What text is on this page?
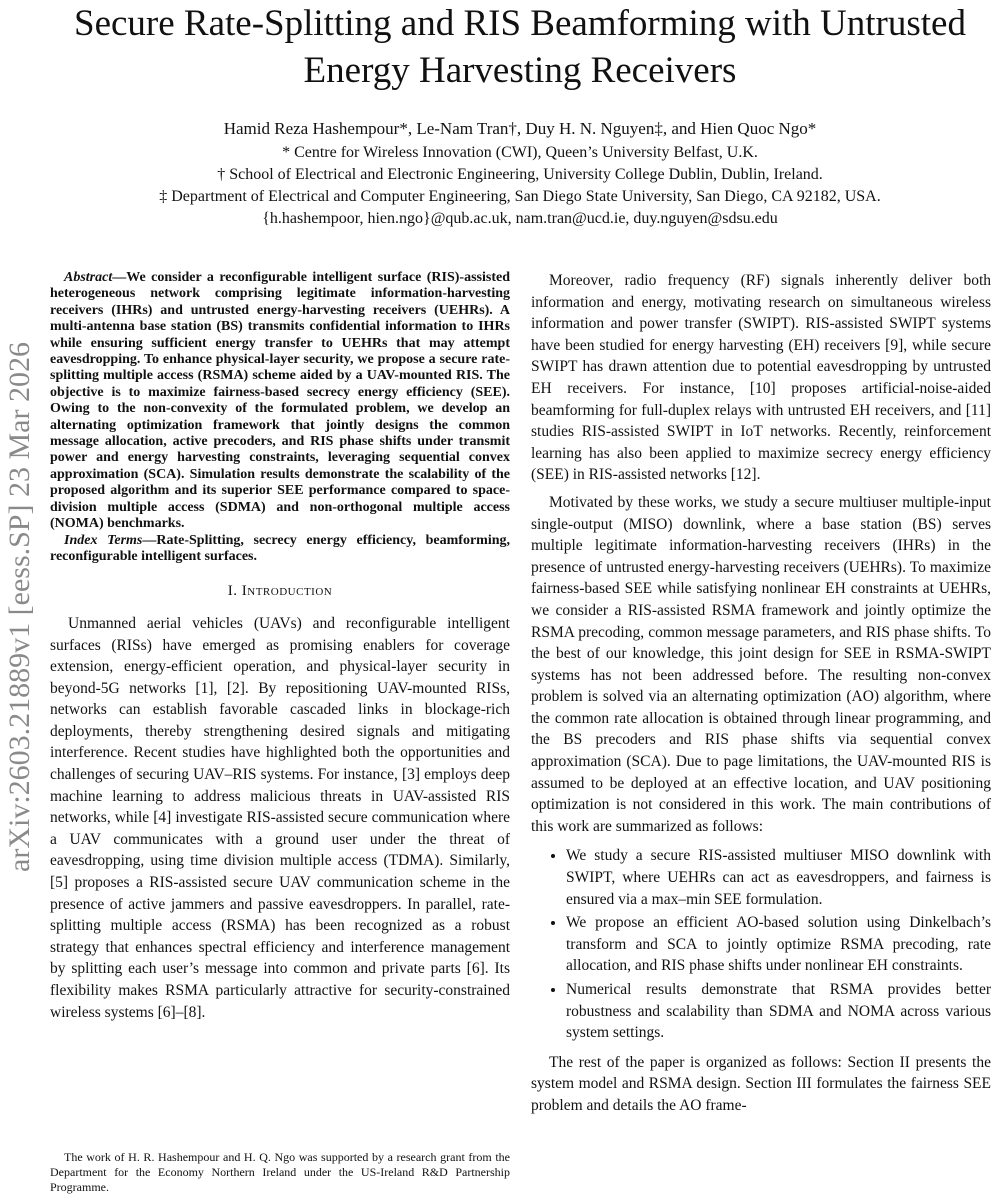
Secure Rate-Splitting and RIS Beamforming with Untrusted Energy Harvesting Receivers
Hamid Reza Hashempour*, Le-Nam Tran†, Duy H. N. Nguyen‡, and Hien Quoc Ngo*
* Centre for Wireless Innovation (CWI), Queen’s University Belfast, U.K.
† School of Electrical and Electronic Engineering, University College Dublin, Dublin, Ireland.
‡ Department of Electrical and Computer Engineering, San Diego State University, San Diego, CA 92182, USA.
{h.hashempoor, hien.ngo}@qub.ac.uk, nam.tran@ucd.ie, duy.nguyen@sdsu.edu
arXiv:2603.21889v1 [eess.SP] 23 Mar 2026

Abstract—We consider a reconfigurable intelligent surface (RIS)-assisted heterogeneous network comprising legitimate information-harvesting receivers (IHRs) and untrusted energy-harvesting receivers (UEHRs). A multi-antenna base station (BS) transmits confidential information to IHRs while ensuring sufficient energy transfer to UEHRs that may attempt eavesdropping. To enhance physical-layer security, we propose a secure rate-splitting multiple access (RSMA) scheme aided by a UAV-mounted RIS. The objective is to maximize fairness-based secrecy energy efficiency (SEE). Owing to the non-convexity of the formulated problem, we develop an alternating optimization framework that jointly designs the common message allocation, active precoders, and RIS phase shifts under transmit power and energy harvesting constraints, leveraging sequential convex approximation (SCA). Simulation results demonstrate the scalability of the proposed algorithm and its superior SEE performance compared to space-division multiple access (SDMA) and non-orthogonal multiple access (NOMA) benchmarks.

Index Terms—Rate-Splitting, secrecy energy efficiency, beamforming, reconfigurable intelligent surfaces.

I. Introduction

Unmanned aerial vehicles (UAVs) and reconfigurable intelligent surfaces (RISs) have emerged as promising enablers for coverage extension, energy-efficient operation, and physical-layer security in beyond-5G networks [1], [2]. By repositioning UAV-mounted RISs, networks can establish favorable cascaded links in blockage-rich deployments, thereby strengthening desired signals and mitigating interference. Recent studies have highlighted both the opportunities and challenges of securing UAV–RIS systems. For instance, [3] employs deep machine learning to address malicious threats in UAV-assisted RIS networks, while [4] investigate RIS-assisted secure communication where a UAV communicates with a ground user under the threat of eavesdropping, using time division multiple access (TDMA). Similarly, [5] proposes a RIS-assisted secure UAV communication scheme in the presence of active jammers and passive eavesdroppers. In parallel, rate-splitting multiple access (RSMA) has been recognized as a robust strategy that enhances spectral efficiency and interference management by splitting each user’s message into common and private parts [6]. Its flexibility makes RSMA particularly attractive for security-constrained wireless systems [6]–[8].

The work of H. R. Hashempour and H. Q. Ngo was supported by a research grant from the Department for the Economy Northern Ireland under the US-Ireland R&D Partnership Programme.

Moreover, radio frequency (RF) signals inherently deliver both information and energy, motivating research on simultaneous wireless information and power transfer (SWIPT). RIS-assisted SWIPT systems have been studied for energy harvesting (EH) receivers [9], while secure SWIPT has drawn attention due to potential eavesdropping by untrusted EH receivers. For instance, [10] proposes artificial-noise-aided beamforming for full-duplex relays with untrusted EH receivers, and [11] studies RIS-assisted SWIPT in IoT networks. Recently, reinforcement learning has also been applied to maximize secrecy energy efficiency (SEE) in RIS-assisted networks [12].

Motivated by these works, we study a secure multiuser multiple-input single-output (MISO) downlink, where a base station (BS) serves multiple legitimate information-harvesting receivers (IHRs) in the presence of untrusted energy-harvesting receivers (UEHRs). To maximize fairness-based SEE while satisfying nonlinear EH constraints at UEHRs, we consider a RIS-assisted RSMA framework and jointly optimize the RSMA precoding, common message parameters, and RIS phase shifts. To the best of our knowledge, this joint design for SEE in RSMA-SWIPT systems has not been addressed before. The resulting non-convex problem is solved via an alternating optimization (AO) algorithm, where the common rate allocation is obtained through linear programming, and the BS precoders and RIS phase shifts via sequential convex approximation (SCA). Due to page limitations, the UAV-mounted RIS is assumed to be deployed at an effective location, and UAV positioning optimization is not considered in this work. The main contributions of this work are summarized as follows:

• We study a secure RIS-assisted multiuser MISO downlink with SWIPT, where UEHRs can act as eavesdroppers, and fairness is ensured via a max–min SEE formulation.
• We propose an efficient AO-based solution using Dinkelbach’s transform and SCA to jointly optimize RSMA precoding, rate allocation, and RIS phase shifts under nonlinear EH constraints.
• Numerical results demonstrate that RSMA provides better robustness and scalability than SDMA and NOMA across various system settings.

The rest of the paper is organized as follows: Section II presents the system model and RSMA design. Section III formulates the fairness SEE problem and details the AO frame-
